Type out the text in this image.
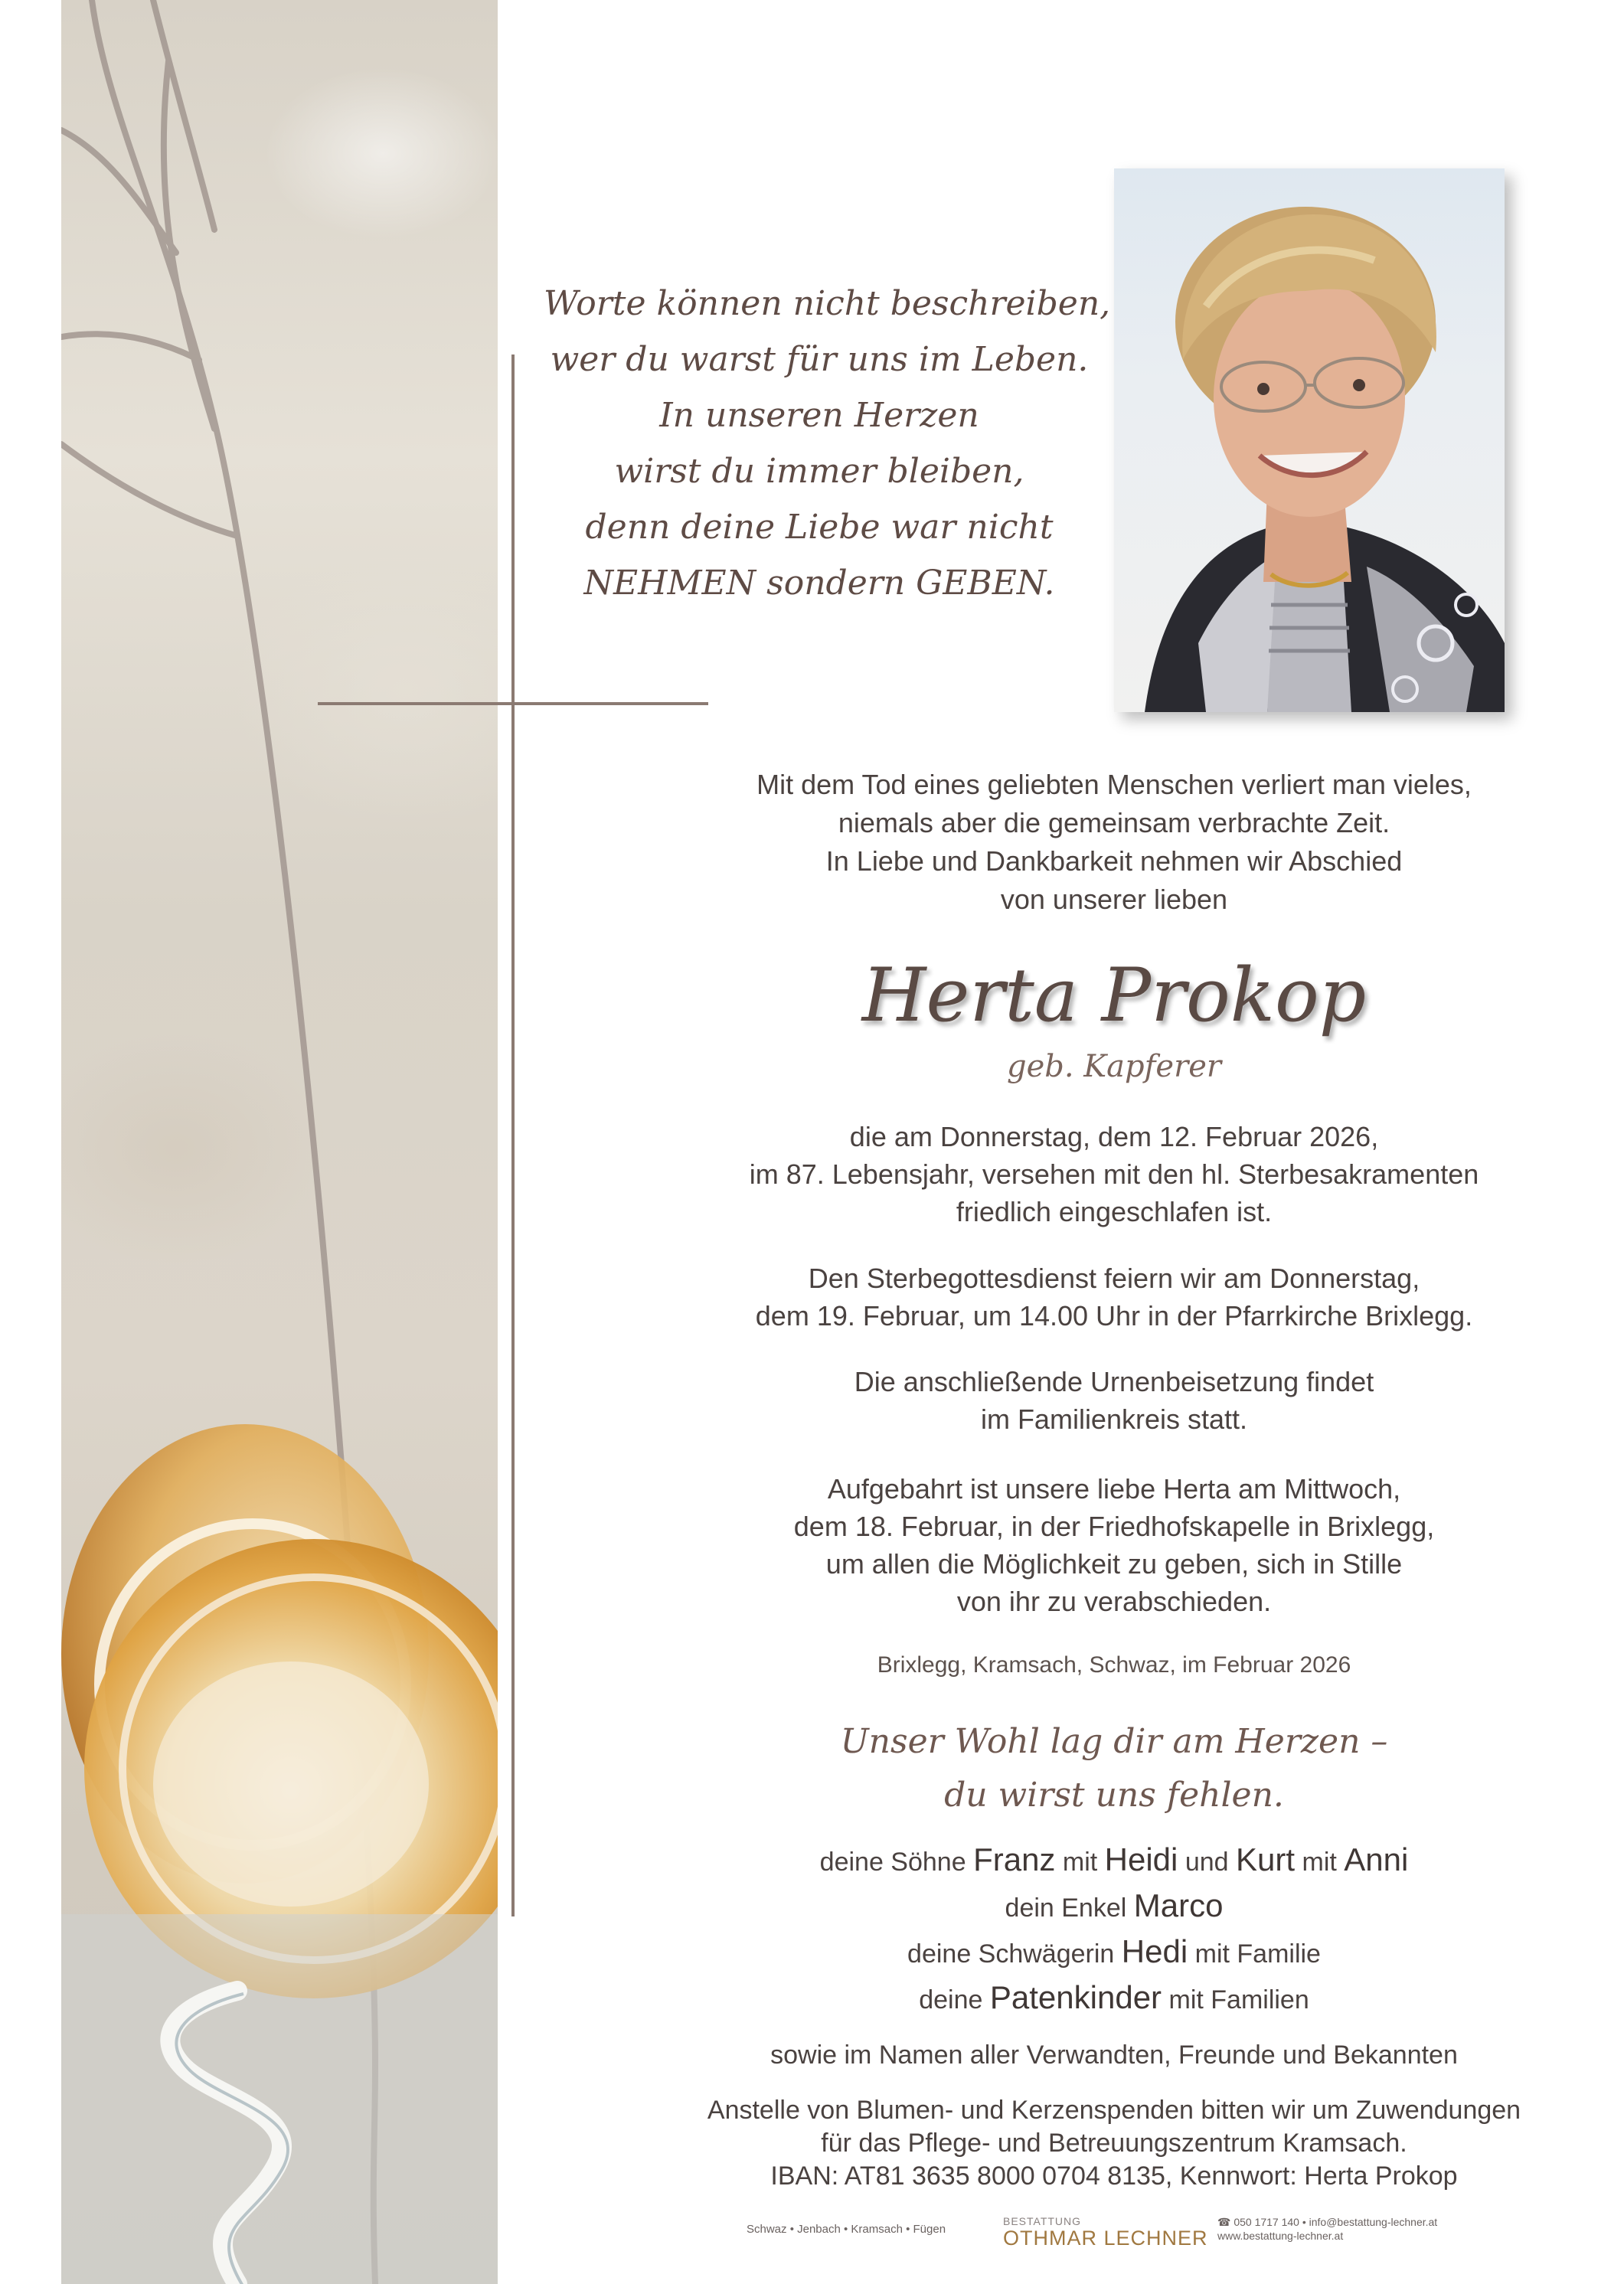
Worte können nicht beschreiben,
wer du warst für uns im Leben.
In unseren Herzen
wirst du immer bleiben,
denn deine Liebe war nicht
NEHMEN sondern GEBEN.
Mit dem Tod eines geliebten Menschen verliert man vieles,
niemals aber die gemeinsam verbrachte Zeit.
In Liebe und Dankbarkeit nehmen wir Abschied
von unserer lieben
Herta Prokop
geb. Kapferer
die am Donnerstag, dem 12. Februar 2026,
im 87. Lebensjahr, versehen mit den hl. Sterbesakramenten
friedlich eingeschlafen ist.
Den Sterbegottesdienst feiern wir am Donnerstag,
dem 19. Februar, um 14.00 Uhr in der Pfarrkirche Brixlegg.
Die anschließende Urnenbeisetzung findet
im Familienkreis statt.
Aufgebahrt ist unsere liebe Herta am Mittwoch,
dem 18. Februar, in der Friedhofskapelle in Brixlegg,
um allen die Möglichkeit zu geben, sich in Stille
von ihr zu verabschieden.
Brixlegg, Kramsach, Schwaz, im Februar 2026
Unser Wohl lag dir am Herzen –
du wirst uns fehlen.
deine Söhne Franz mit Heidi und Kurt mit Anni
dein Enkel Marco
deine Schwägerin Hedi mit Familie
deine Patenkinder mit Familien
sowie im Namen aller Verwandten, Freunde und Bekannten
Anstelle von Blumen- und Kerzenspenden bitten wir um Zuwendungen
für das Pflege- und Betreuungszentrum Kramsach.
IBAN: AT81 3635 8000 0704 8135, Kennwort: Herta Prokop
Schwaz • Jenbach • Kramsach • Fügen
BESTATTUNG
OTHMAR LECHNER
☎ 050 1717 140 • info@bestattung-lechner.at
www.bestattung-lechner.at
